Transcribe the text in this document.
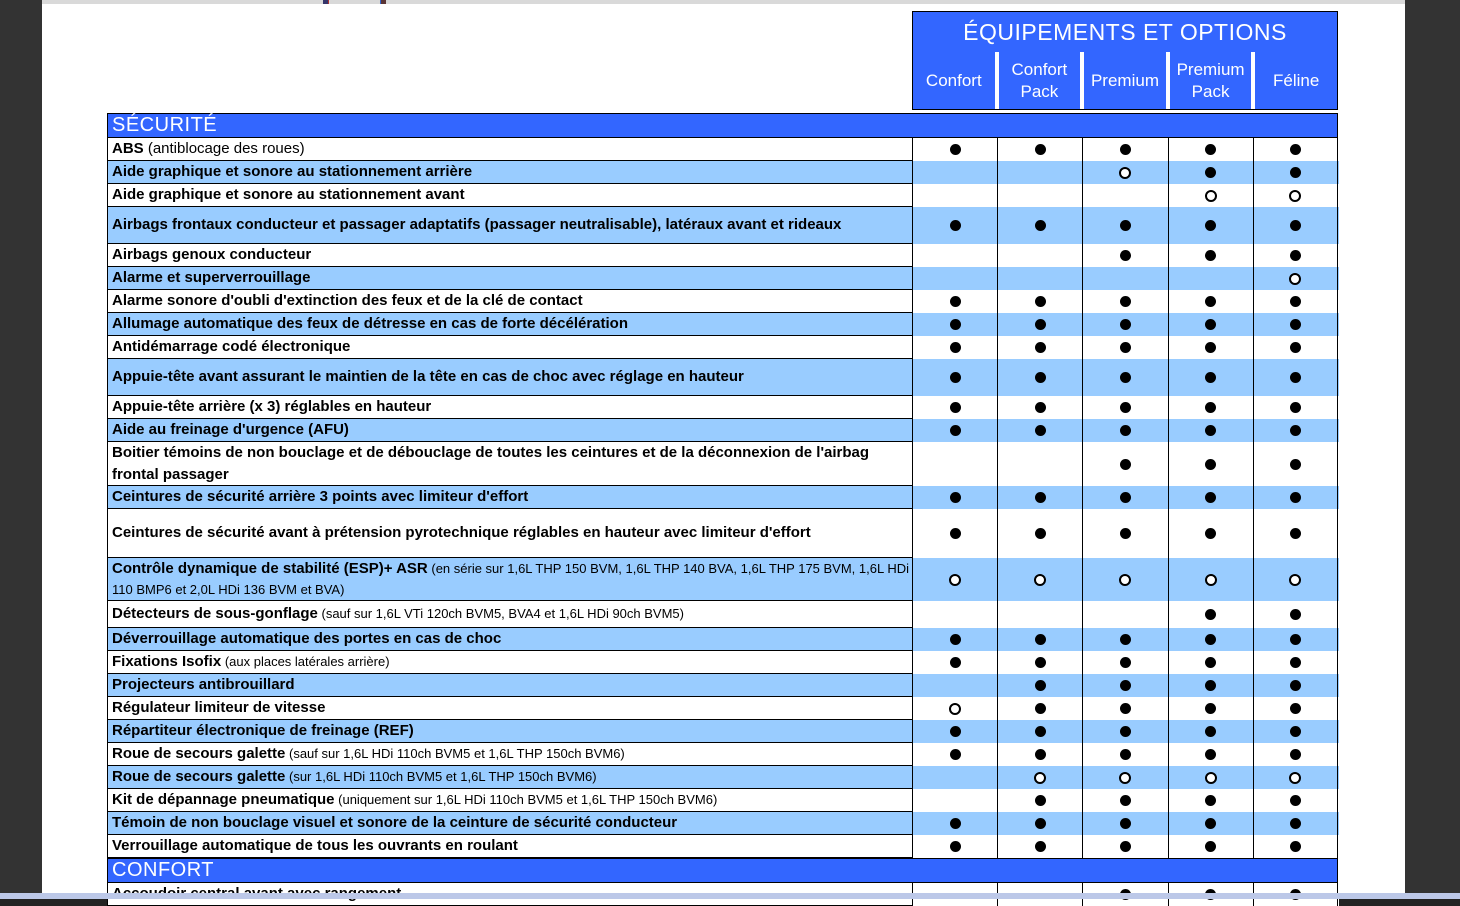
ÉQUIPEMENTS ET OPTIONS
Confort
Confort Pack
Premium
Premium Pack
Féline
SÉCURITÉ
ABS (antiblocage des roues)
Aide graphique et sonore au stationnement arrière
Aide graphique et sonore au stationnement avant
Airbags frontaux conducteur et passager adaptatifs (passager neutralisable), latéraux avant et rideaux
Airbags genoux conducteur
Alarme et superverrouillage
Alarme sonore d'oubli d'extinction des feux et de la clé de contact
Allumage automatique des feux de détresse en cas de forte décélération
Antidémarrage codé électronique
Appuie-tête avant assurant le maintien de la tête en cas de choc avec réglage en hauteur
Appuie-tête arrière (x 3) réglables en hauteur
Aide au freinage d'urgence (AFU)
Boitier témoins de non bouclage et de débouclage de toutes les ceintures et de la déconnexion de l'airbag frontal passager
Ceintures de sécurité arrière 3 points avec limiteur d'effort
Ceintures de sécurité avant à prétension pyrotechnique réglables en hauteur avec limiteur d'effort
Contrôle dynamique de stabilité (ESP)+ ASR (en série sur 1,6L THP 150 BVM, 1,6L THP 140 BVA, 1,6L THP 175 BVM, 1,6L HDi 110 BMP6 et 2,0L HDi 136 BVM et BVA)
Détecteurs de sous-gonflage (sauf sur 1,6L VTi 120ch BVM5, BVA4 et 1,6L HDi 90ch BVM5)
Déverrouillage automatique des portes en cas de choc
Fixations Isofix (aux places latérales arrière)
Projecteurs antibrouillard
Régulateur limiteur de vitesse
Répartiteur électronique de freinage (REF)
Roue de secours galette (sauf sur 1,6L HDi 110ch BVM5 et 1,6L THP 150ch BVM6)
Roue de secours galette (sur 1,6L HDi 110ch BVM5 et 1,6L THP 150ch BVM6)
Kit de dépannage pneumatique (uniquement sur 1,6L HDi 110ch BVM5 et 1,6L THP 150ch BVM6)
Témoin de non bouclage visuel et sonore de la ceinture de sécurité conducteur
Verrouillage automatique de tous les ouvrants en roulant
CONFORT
